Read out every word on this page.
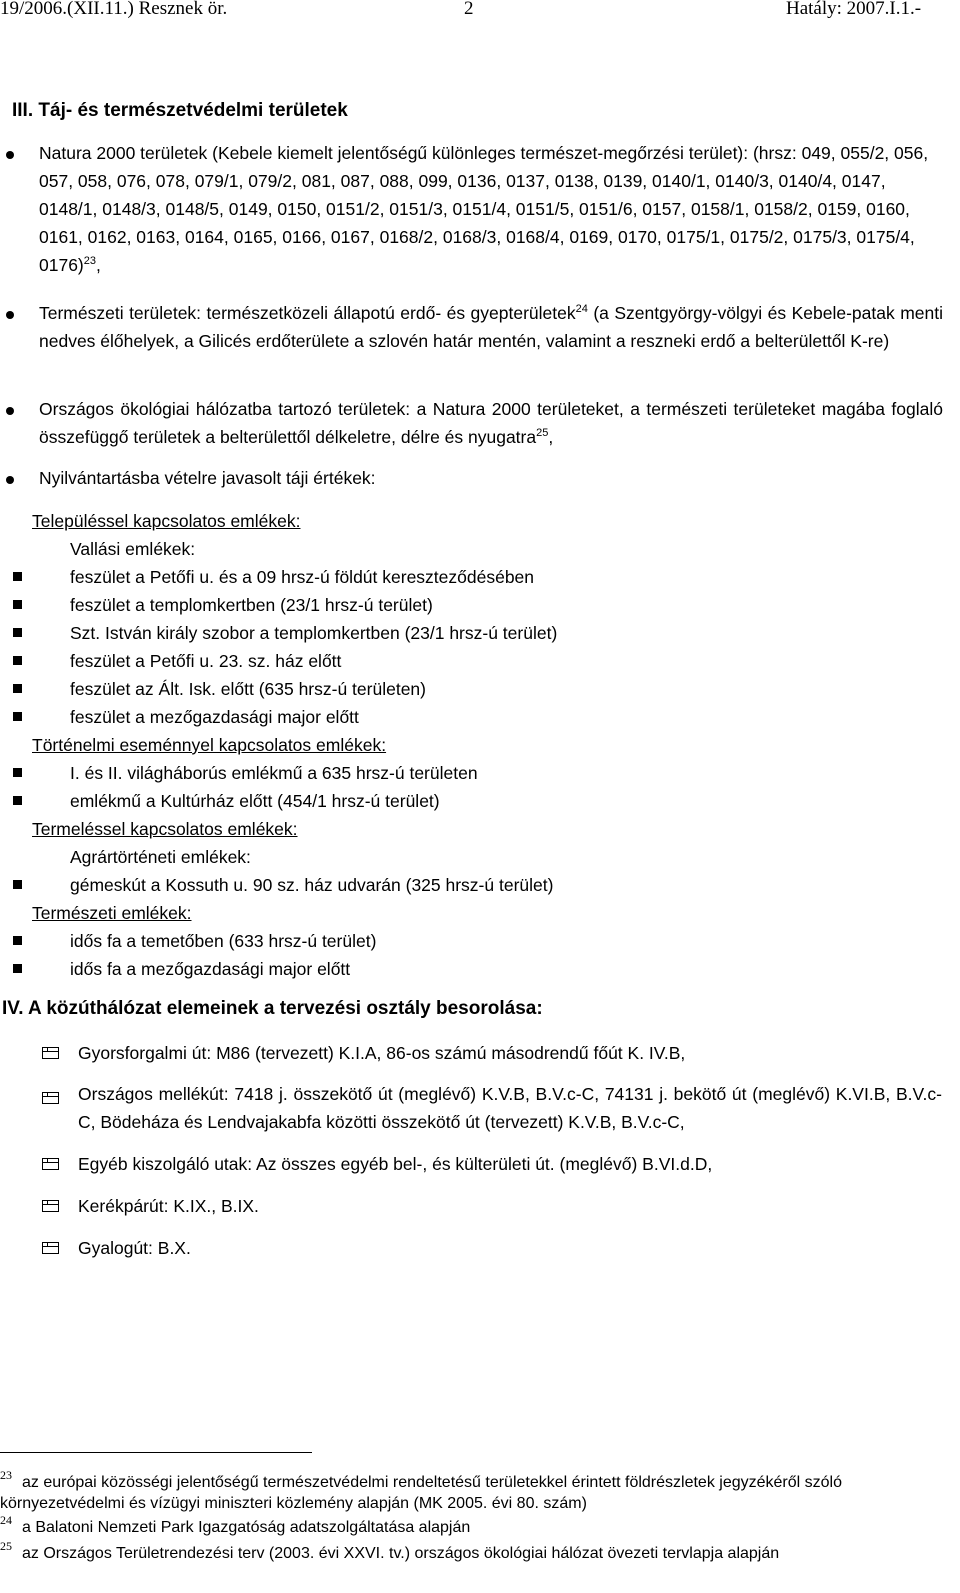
19/2006.(XII.11.) Resznek ör.	2	Hatály: 2007.I.1.-
III. Táj- és természetvédelmi területek
Natura 2000 területek (Kebele kiemelt jelentőségű különleges természet-megőrzési terület): (hrsz: 049, 055/2, 056, 057, 058, 076, 078, 079/1, 079/2, 081, 087, 088, 099, 0136, 0137, 0138, 0139, 0140/1, 0140/3, 0140/4, 0147, 0148/1, 0148/3, 0148/5, 0149, 0150, 0151/2, 0151/3, 0151/4, 0151/5, 0151/6, 0157, 0158/1, 0158/2, 0159, 0160, 0161, 0162, 0163, 0164, 0165, 0166, 0167, 0168/2, 0168/3, 0168/4, 0169, 0170, 0175/1, 0175/2, 0175/3, 0175/4, 0176)$^{23}$,
Természeti területek: természetközeli állapotú erdő- és gyepterületek$^{24}$ (a Szentgyörgy-völgyi és Kebele-patak menti nedves élőhelyek, a Gilicés erdőterülete a szlovén határ mentén, valamint a reszneki erdő a belterülettől K-re)
Országos ökológiai hálózatba tartozó területek: a Natura 2000 területeket, a természeti területeket magába foglaló összefüggő területek a belterülettől délkeletre, délre és nyugatra$^{25}$,
Nyilvántartásba vételre javasolt táji értékek:
Településsel kapcsolatos emlékek:
Vallási emlékek:
feszület a Petőfi u. és a 09 hrsz-ú földút kereszteződésében
feszület a templomkertben (23/1 hrsz-ú terület)
Szt. István király szobor a templomkertben (23/1 hrsz-ú terület)
feszület a Petőfi u. 23. sz. ház előtt
feszület az Ált. Isk. előtt (635 hrsz-ú területen)
feszület a mezőgazdasági major előtt
Történelmi eseménnyel kapcsolatos emlékek:
I. és II. világháborús emlékmű a 635 hrsz-ú területen
emlékmű a Kultúrház előtt (454/1 hrsz-ú terület)
Termeléssel kapcsolatos emlékek:
Agrártörténeti emlékek:
gémeskút a Kossuth u. 90 sz. ház udvarán (325 hrsz-ú terület)
Természeti emlékek:
idős fa a temetőben (633 hrsz-ú terület)
idős fa a mezőgazdasági major előtt
IV. A közúthálózat elemeinek a tervezési osztály besorolása:
Gyorsforgalmi út: M86 (tervezett) K.I.A, 86-os számú másodrendű főút K. IV.B,
Országos mellékút: 7418 j. összekötő út (meglévő) K.V.B, B.V.c-C, 74131 j. bekötő út (meglévő) K.VI.B, B.V.c-C, Bödeháza és Lendvajakabfa közötti összekötő út (tervezett) K.V.B, B.V.c-C,
Egyéb kiszolgáló utak: Az összes egyéb bel-, és külterületi út. (meglévő) B.VI.d.D,
Kerékpárút: K.IX., B.IX.
Gyalogút: B.X.
$^{23}$ az európai közösségi jelentőségű természetvédelmi rendeltetésű területekkel érintett földrészletek jegyzékéről szóló környezetvédelmi és vízügyi miniszteri közlemény alapján (MK 2005. évi 80. szám)
$^{24}$ a Balatoni Nemzeti Park Igazgatóság adatszolgáltatása alapján
$^{25}$ az Országos Területrendezési terv (2003. évi XXVI. tv.) országos ökológiai hálózat övezeti tervlapja alapján
